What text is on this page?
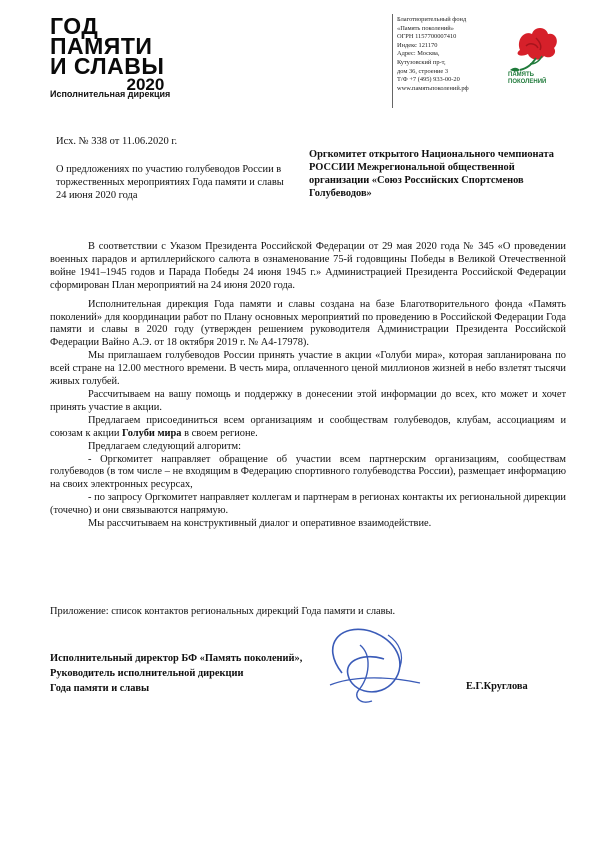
ГОД
ПАМЯТИ
И СЛАВЫ
2020
Исполнительная дирекция
Благотворительный фонд
«Память поколений»
ОГРН 1157700007410
Индекс 121170
Адрес: Москва,
Кутузовский пр-т,
дом 36, строение 3
Т/Ф +7 (495) 933-00-20
www.памятьпоколений.рф
ПАМЯТЬ
ПОКОЛЕНИЙ
Исх. № 338 от 11.06.2020 г.
О предложениях по участию голубеводов России в торжественных мероприятиях Года памяти и славы 24 июня 2020 года
Оргкомитет открытого Национального чемпионата РОССИИ Межрегиональной общественной организации «Союз Российских Спортсменов Голубеводов»

В соответствии с Указом Президента Российской Федерации от 29 мая 2020 года № 345 «О проведении военных парадов и артиллерийского салюта в ознаменование 75-й годовщины Победы в Великой Отечественной войне 1941–1945 годов и Парада Победы 24 июня 1945 г.» Администрацией Президента Российской Федерации сформирован План мероприятий на 24 июня 2020 года.

Исполнительная дирекция Года памяти и славы создана на базе Благотворительного фонда «Память поколений» для координации работ по Плану основных мероприятий по проведению в Российской Федерации Года памяти и славы в 2020 году (утвержден решением руководителя Администрации Президента Российской Федерации Вайно А.Э. от 18 октября 2019 г. № А4-17978).

Мы приглашаем голубеводов России принять участие в акции «Голуби мира», которая запланирована по всей стране на 12.00 местного времени. В честь мира, оплаченного ценой миллионов жизней в небо взлетят тысячи живых голубей.

Рассчитываем на вашу помощь и поддержку в донесении этой информации до всех, кто может и хочет принять участие в акции.

Предлагаем присоединиться всем организациям и сообществам голубеводов, клубам, ассоциациям и союзам к акции Голуби мира в своем регионе.

Предлагаем следующий алгоритм:

- Оргкомитет направляет обращение об участии всем партнерским организациям, сообществам голубеводов (в том числе – не входящим в Федерацию спортивного голубеводства России), размещает информацию на своих электронных ресурсах,

- по запросу Оргкомитет направляет коллегам и партнерам в регионах контакты их региональной дирекции (точечно) и они связываются напрямую.

Мы рассчитываем на конструктивный диалог и оперативное взаимодействие.

Приложение: список контактов региональных дирекций Года памяти и славы.
Исполнительный директор БФ «Память поколений»,
Руководитель исполнительной дирекции
Года памяти и славы	Е.Г.Круглова
